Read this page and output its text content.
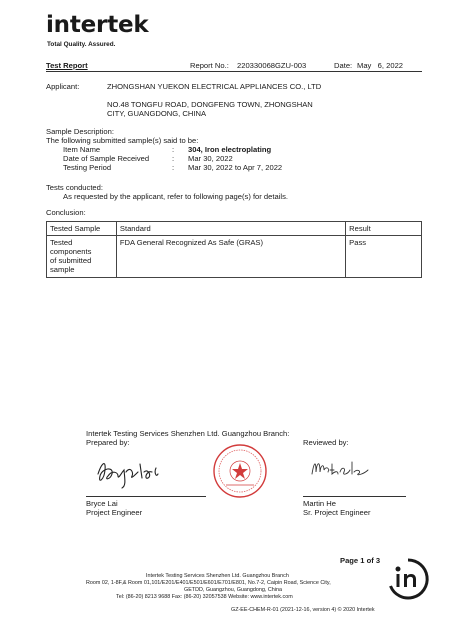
intertek
Total Quality. Assured.
Test Report	Report No.: 220330068GZU-003	Date: May   6, 2022
Applicant:	ZHONGSHAN YUEKON ELECTRICAL APPLIANCES CO., LTD
NO.48 TONGFU ROAD, DONGFENG TOWN, ZHONGSHAN
CITY, GUANGDONG, CHINA
Sample Description:
The following submitted sample(s) said to be:
Item Name	: 304, Iron electroplating
Date of Sample Received	: Mar 30, 2022
Testing Period	: Mar 30, 2022 to Apr 7, 2022
Tests conducted:
As requested by the applicant, refer to following page(s) for details.
Conclusion:
Tested Sample	Standard	Result

Tested components
of submitted sample	FDA General Recognized As Safe (GRAS)	Pass
Intertek Testing Services Shenzhen Ltd. Guangzhou Branch:
Prepared by:	Reviewed by:
Bryce Lai
Project Engineer
Martin He
Sr. Project Engineer
Page 1 of 3
Intertek Testing Services Shenzhen Ltd. Guangzhou Branch
Room 02, 1-8F,& Room 01,101/E201/E401/E501/E601/E701/E801, No.7-2, Caipin Road, Science City,
GETDD, Guangzhou, Guangdong, China
Tel: (86-20) 8213 9688 Fax: (86-20) 32057538 Website: www.intertek.com
GZ-EE-CHEM-R-01 (2021-12-16, version 4) © 2020 Intertek
